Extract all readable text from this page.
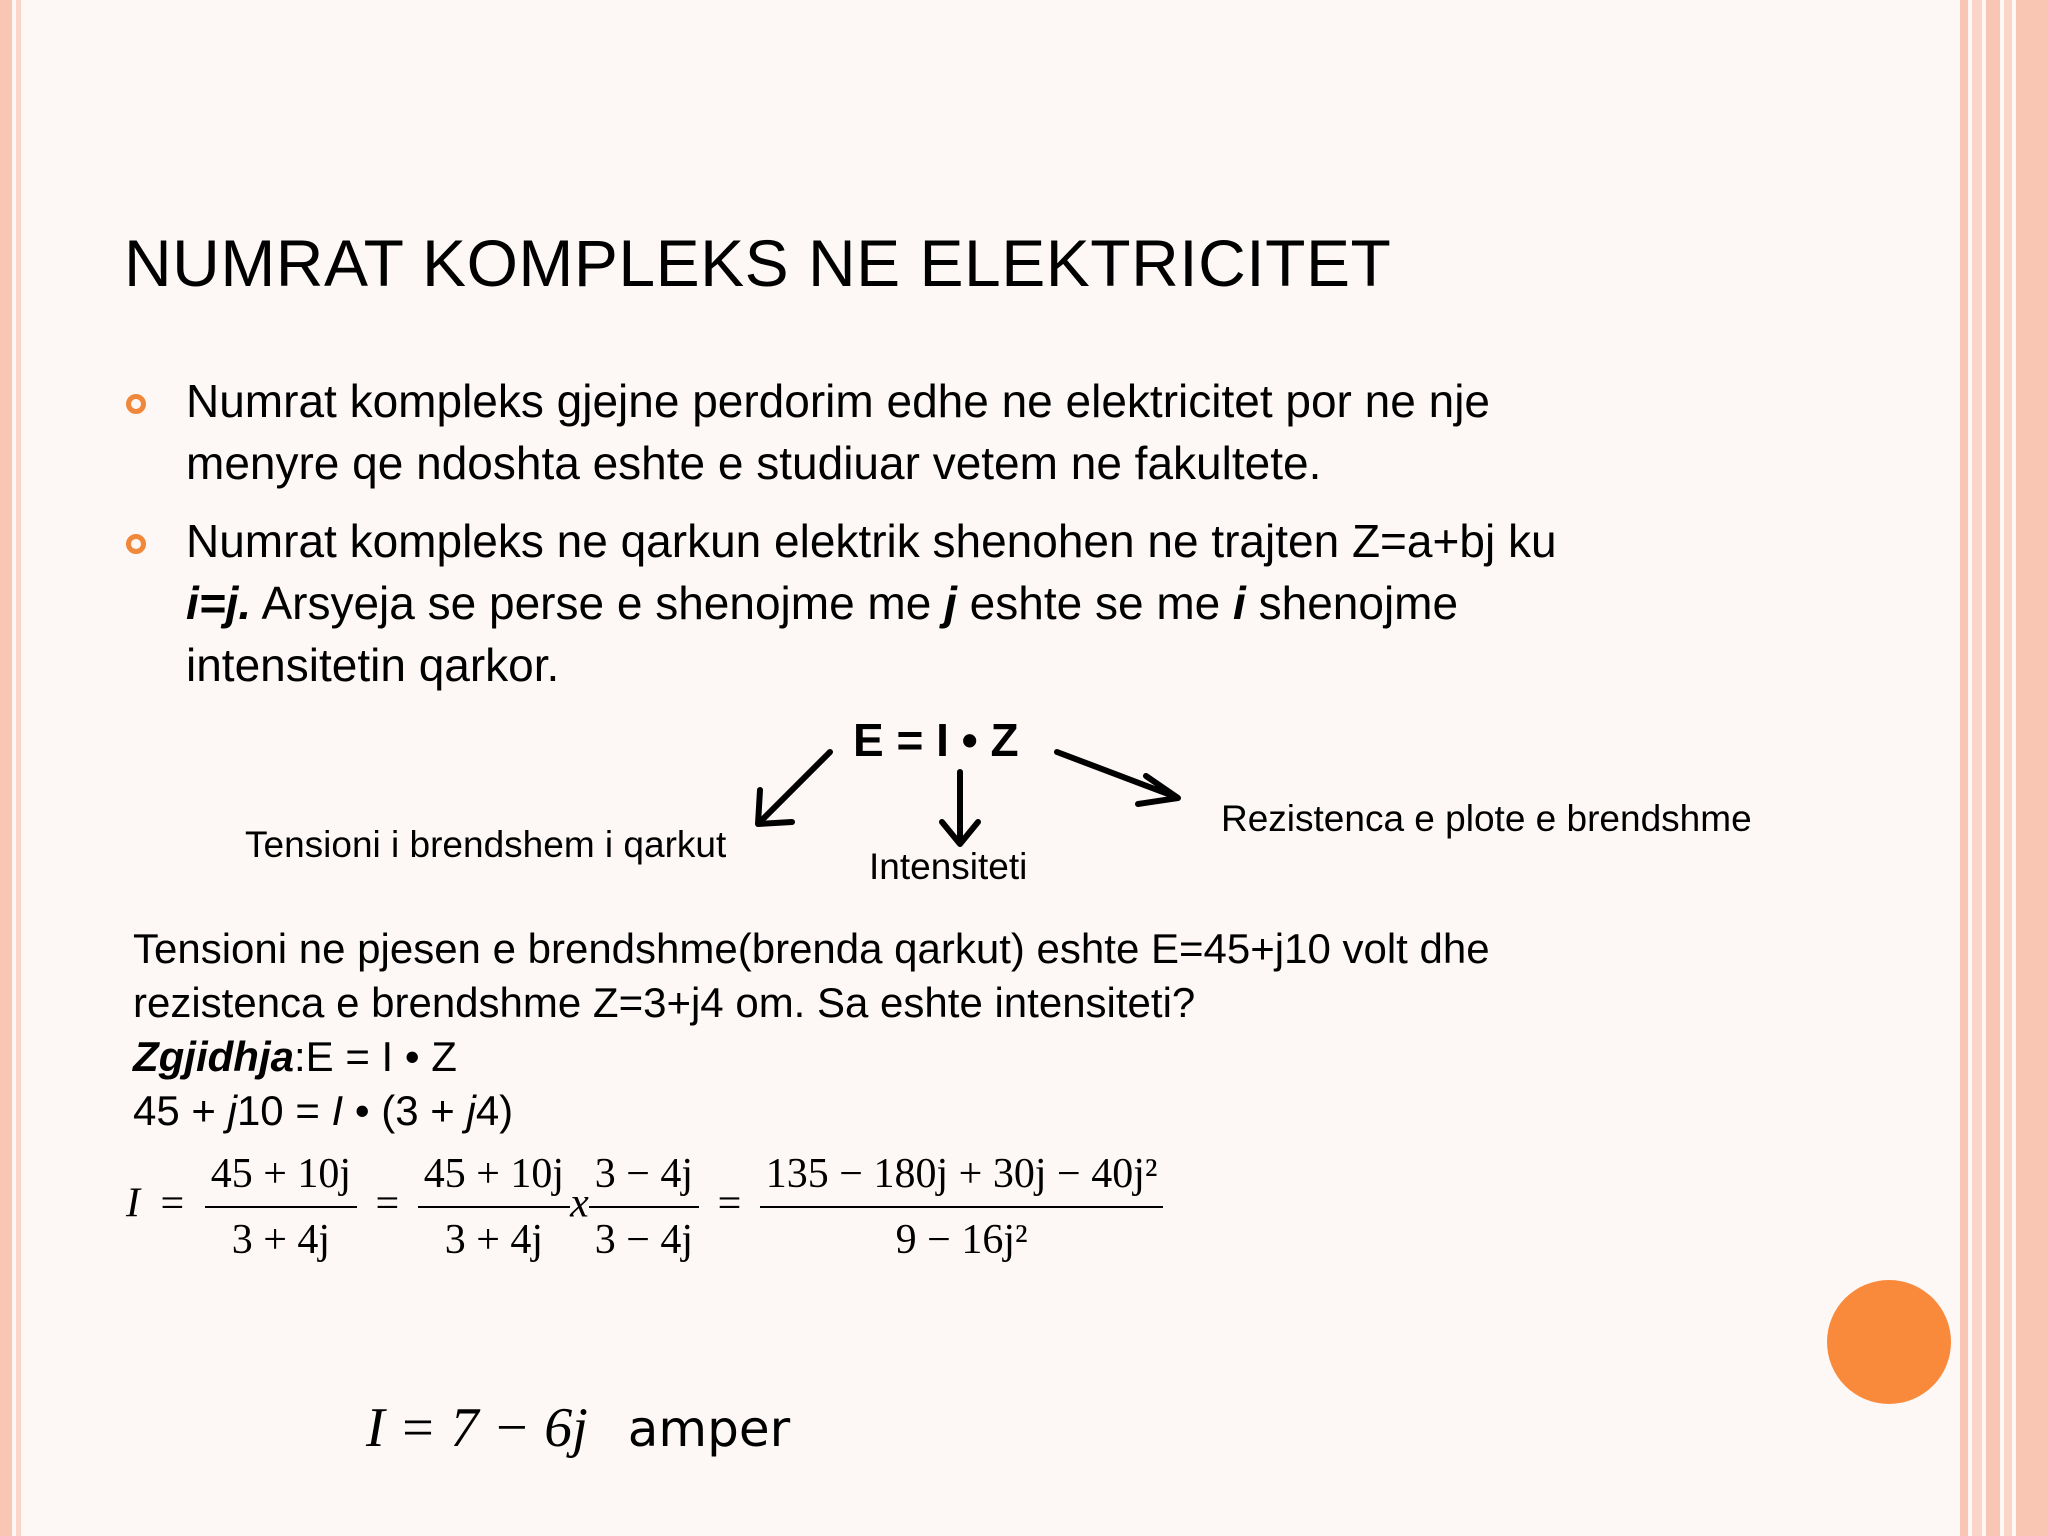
NUMRAT KOMPLEKS NE ELEKTRICITET
Numrat kompleks gjejne perdorim edhe ne elektricitet por ne nje
menyre qe ndoshta eshte e studiuar vetem ne fakultete.
Numrat kompleks ne qarkun elektrik shenohen ne trajten Z=a+bj ku
i=j. Arsyeja se perse e shenojme me j eshte se me i shenojme
intensitetin qarkor.
E = I • Z
Tensioni i brendshem i qarkut
Intensiteti
Rezistenca e plote e brendshme
Tensioni ne pjesen e brendshme(brenda qarkut) eshte E=45+j10 volt dhe
rezistenca e brendshme Z=3+j4 om. Sa eshte intensiteti?
Zgjidhja:E = I • Z
45 + j10 = I • (3 + j4)
$I = \frac{45 + 10j}{3 + 4j} = \frac{45 + 10j}{3 + 4j}$ x $\frac{3 - 4j}{3 - 4j} = \frac{\text{135 − 180j + 30j − 40j²}}{\text{9 − 16j²}}$
I = 7 − 6j amper
